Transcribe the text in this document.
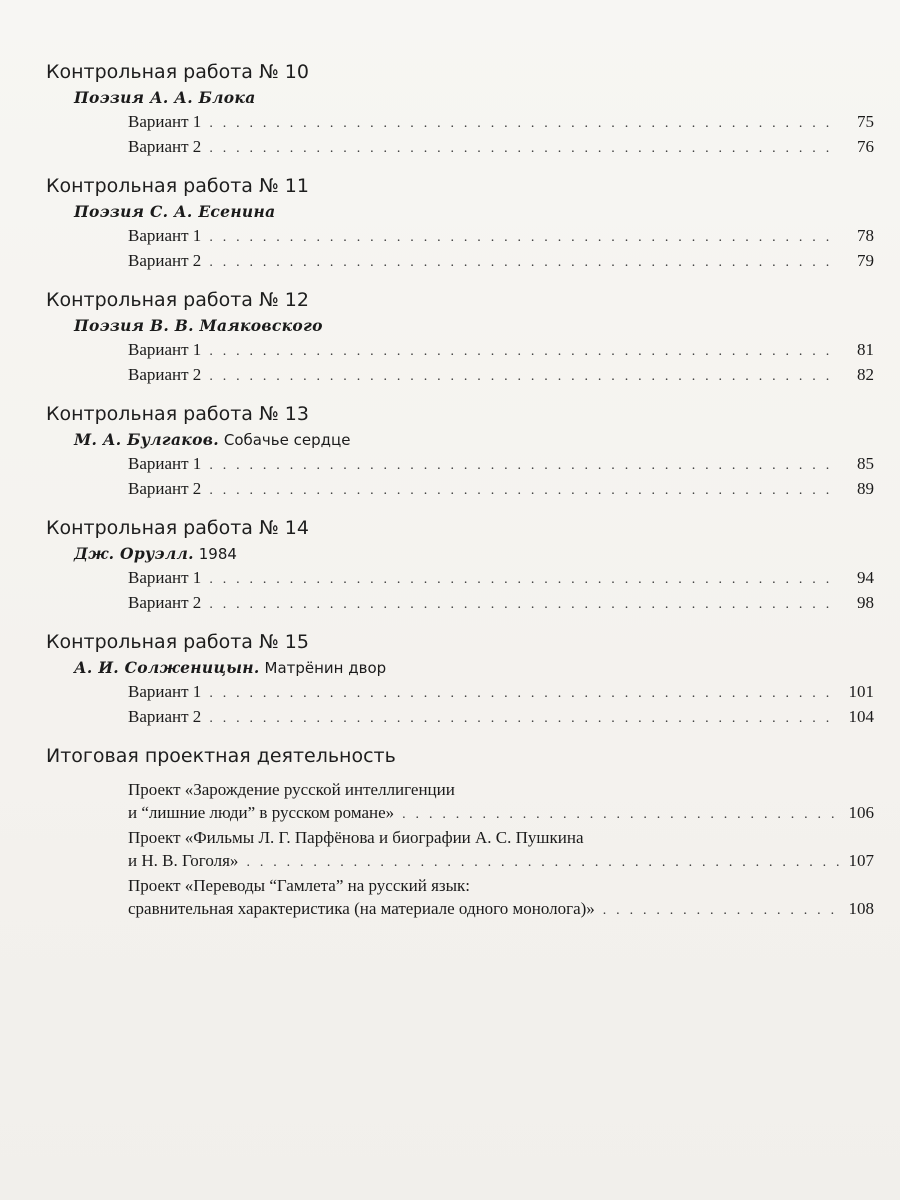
Контрольная работа № 10
Поэзия А. А. Блока
Вариант 1 . . .	75
Вариант 2 . . .	76
Контрольная работа № 11
Поэзия С. А. Есенина
Вариант 1 . . .	78
Вариант 2 . . .	79
Контрольная работа № 12
Поэзия В. В. Маяковского
Вариант 1 . . .	81
Вариант 2 . . .	82
Контрольная работа № 13
М. А. Булгаков. Собачье сердце
Вариант 1 . . .	85
Вариант 2 . . .	89
Контрольная работа № 14
Дж. Оруэлл. 1984
Вариант 1 . . .	94
Вариант 2 . . .	98
Контрольная работа № 15
А. И. Солженицын. Матрёнин двор
Вариант 1 . . .	101
Вариант 2 . . .	104
Итоговая проектная деятельность
Проект «Зарождение русской интеллигенции
и “лишние люди” в русском романе» . . .	106
Проект «Фильмы Л. Г. Парфёнова и биографии А. С. Пушкина
и Н. В. Гоголя» . . .	107
Проект «Переводы “Гамлета” на русский язык:
сравнительная характеристика (на материале одного монолога)» . . .	108
